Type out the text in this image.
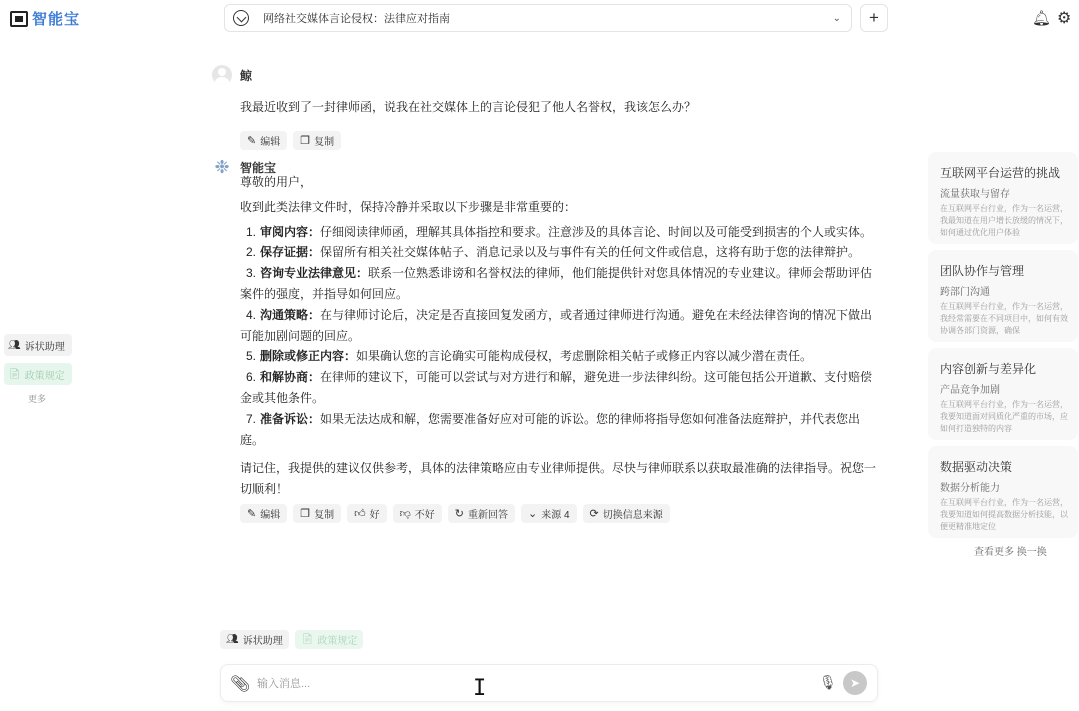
智能宝	网络社交媒体言论侵权：法律应对指南	⌄	+	🔔︎ ⚙
👥︎ 诉状助理
📄︎ 政策规定
更多
鲸
我最近收到了一封律师函，说我在社交媒体上的言论侵犯了他人名誉权，我该怎么办？
✎ 编辑 ❐ 复制
❉ 智能宝
尊敬的用户，
收到此类法律文件时，保持冷静并采取以下步骤是非常重要的：
1. 审阅内容：仔细阅读律师函，理解其具体指控和要求。注意涉及的具体言论、时间以及可能受到损害的个人或实体。
2. 保存证据：保留所有相关社交媒体帖子、消息记录以及与事件有关的任何文件或信息，这将有助于您的法律辩护。
3. 咨询专业法律意见：联系一位熟悉诽谤和名誉权法的律师，他们能提供针对您具体情况的专业建议。律师会帮助评估案件的强度，并指导如何回应。
4. 沟通策略：在与律师讨论后，决定是否直接回复发函方，或者通过律师进行沟通。避免在未经法律咨询的情况下做出可能加剧问题的回应。
5. 删除或修正内容：如果确认您的言论确实可能构成侵权，考虑删除相关帖子或修正内容以减少潜在责任。
6. 和解协商：在律师的建议下，可能可以尝试与对方进行和解，避免进一步法律纠纷。这可能包括公开道歉、支付赔偿金或其他条件。
7. 准备诉讼：如果无法达成和解，您需要准备好应对可能的诉讼。您的律师将指导您如何准备法庭辩护，并代表您出庭。
请记住，我提供的建议仅供参考，具体的法律策略应由专业律师提供。尽快与律师联系以获取最准确的法律指导。祝您一切顺利！
✎ 编辑 ❐ 复制 👍︎ 好 👎︎ 不好 ↻ 重新回答 ⌄ 来源 4 ⟳ 切换信息来源
互联网平台运营的挑战
流量获取与留存
在互联网平台行业，作为一名运营，我最知道在用户增长放缓的情况下，如何通过优化用户体验
团队协作与管理
跨部门沟通
在互联网平台行业，作为一名运营，我经常需要在不同项目中，如何有效协调各部门资源，确保
内容创新与差异化
产品竞争加剧
在互联网平台行业，作为一名运营，我要知道面对同质化严重的市场，应如何打造独特的内容
数据驱动决策
数据分析能力
在互联网平台行业，作为一名运营，我要知道如何提高数据分析技能，以便更精准地定位
查看更多 换一换
👥︎ 诉状助理 📄︎ 政策规定
📎︎
输入消息...	🎙︎	➤
I
